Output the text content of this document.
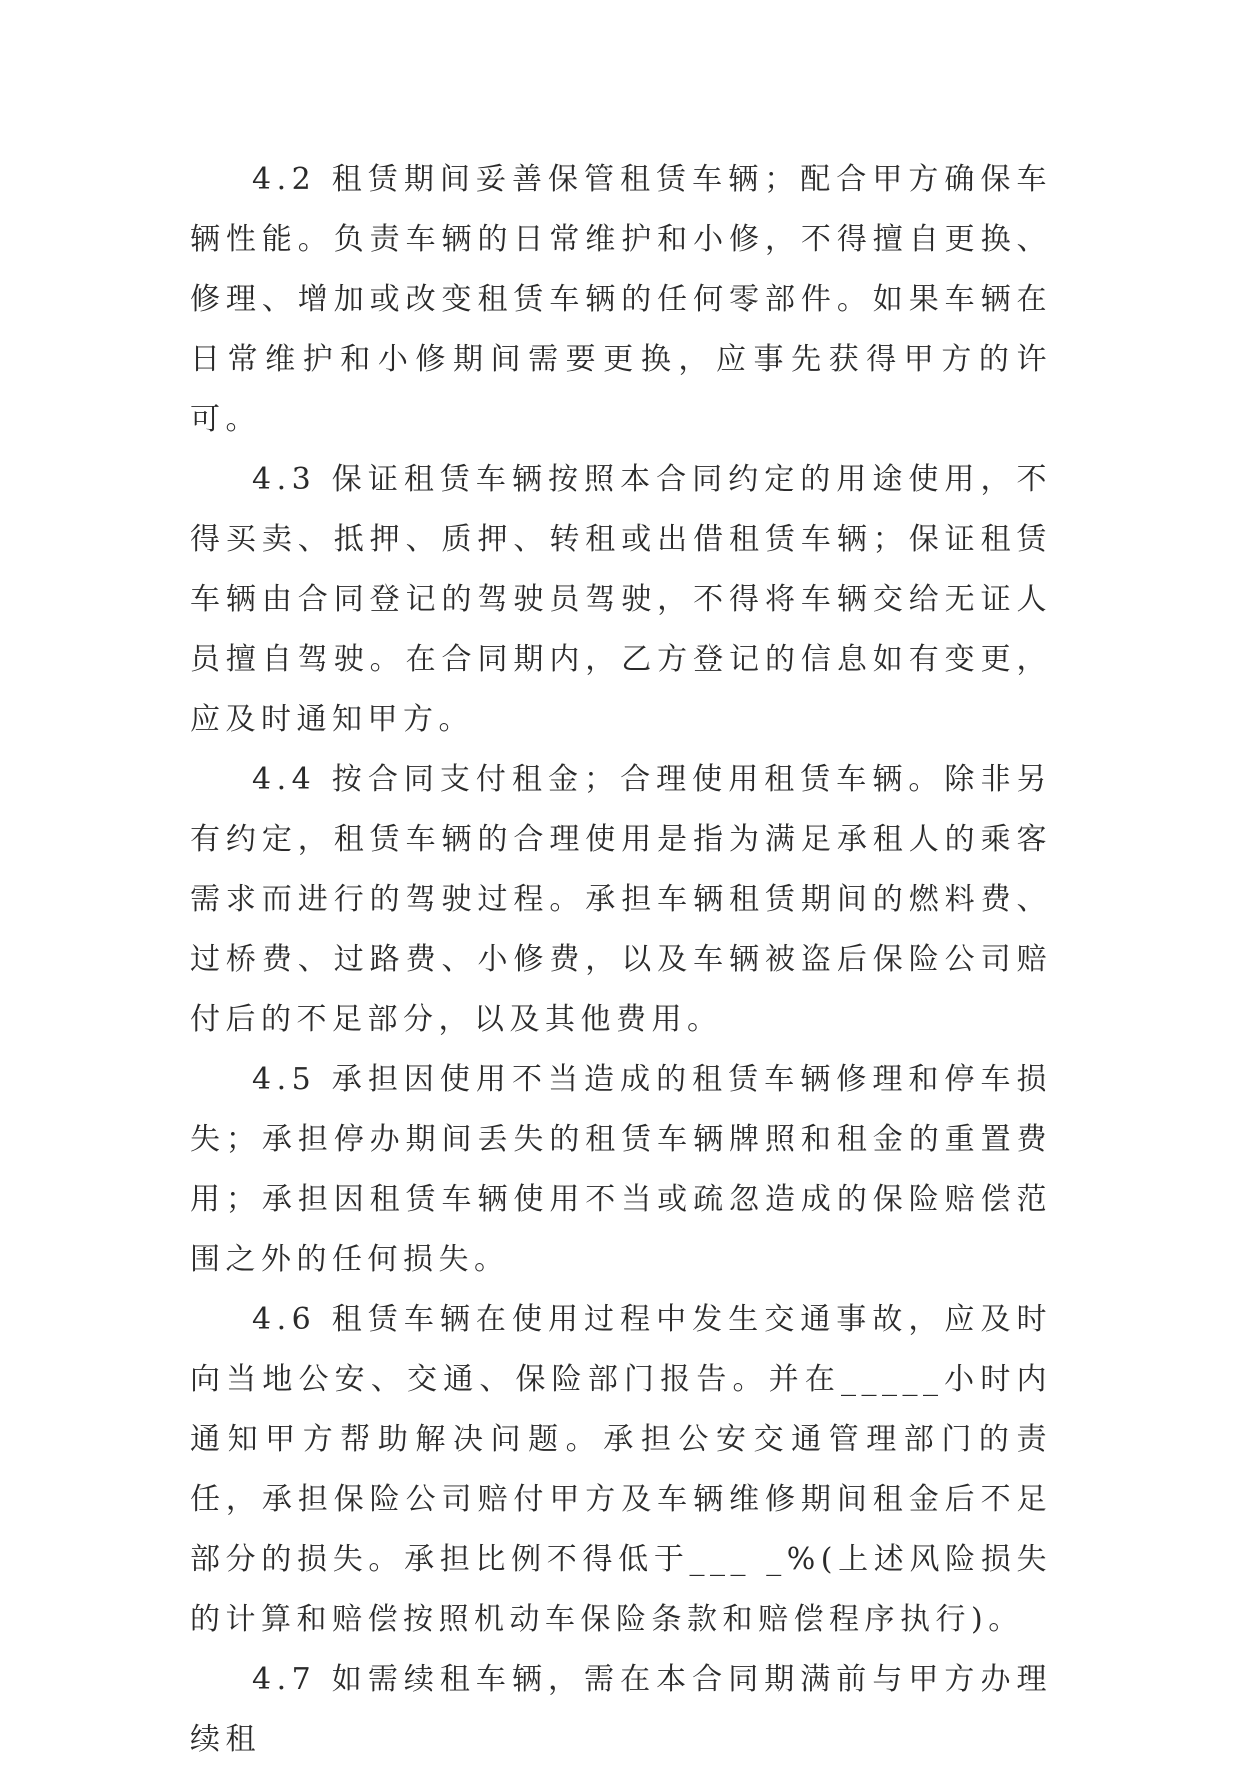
4.2 租赁期间妥善保管租赁车辆；配合甲方确保车辆性能。负责车辆的日常维护和小修，不得擅自更换、修理、增加或改变租赁车辆的任何零部件。如果车辆在日常维护和小修期间需要更换，应事先获得甲方的许可。

4.3 保证租赁车辆按照本合同约定的用途使用，不得买卖、抵押、质押、转租或出借租赁车辆；保证租赁车辆由合同登记的驾驶员驾驶，不得将车辆交给无证人员擅自驾驶。在合同期内，乙方登记的信息如有变更，应及时通知甲方。

4.4 按合同支付租金；合理使用租赁车辆。除非另有约定，租赁车辆的合理使用是指为满足承租人的乘客需求而进行的驾驶过程。承担车辆租赁期间的燃料费、过桥费、过路费、小修费，以及车辆被盗后保险公司赔付后的不足部分，以及其他费用。

4.5 承担因使用不当造成的租赁车辆修理和停车损失；承担停办期间丢失的租赁车辆牌照和租金的重置费用；承担因租赁车辆使用不当或疏忽造成的保险赔偿范围之外的任何损失。

4.6 租赁车辆在使用过程中发生交通事故，应及时向当地公安、交通、保险部门报告。并在_____小时内通知甲方帮助解决问题。承担公安交通管理部门的责任，承担保险公司赔付甲方及车辆维修期间租金后不足部分的损失。承担比例不得低于___ _%(上述风险损失的计算和赔偿按照机动车保险条款和赔偿程序执行)。

4.7 如需续租车辆，需在本合同期满前与甲方办理续租
